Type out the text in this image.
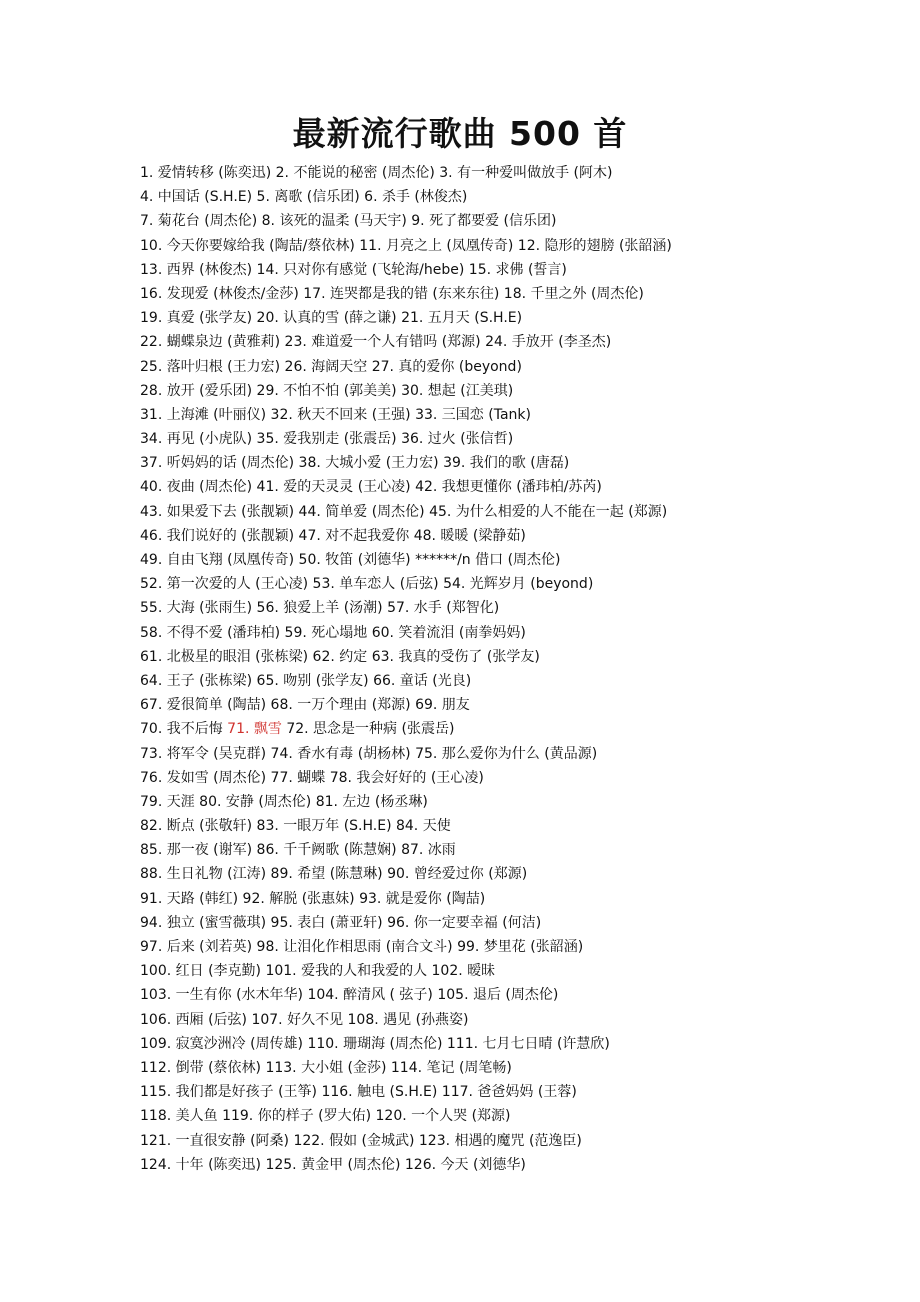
最新流行歌曲 500 首
1. 爱情转移 (陈奕迅) 2. 不能说的秘密 (周杰伦) 3. 有一种爱叫做放手 (阿木)
4. 中国话 (S.H.E) 5. 离歌 (信乐团) 6. 杀手 (林俊杰)
7. 菊花台 (周杰伦) 8. 该死的温柔 (马天宇) 9. 死了都要爱 (信乐团)
10. 今天你要嫁给我 (陶喆/蔡依林) 11. 月亮之上 (凤凰传奇) 12. 隐形的翅膀 (张韶涵)
13. 西界 (林俊杰) 14. 只对你有感觉 (飞轮海/hebe) 15. 求佛 (誓言)
16. 发现爱 (林俊杰/金莎) 17. 连哭都是我的错 (东来东往) 18. 千里之外 (周杰伦)
19. 真爱 (张学友) 20. 认真的雪 (薛之谦) 21. 五月天 (S.H.E)
22. 蝴蝶泉边 (黄雅莉) 23. 难道爱一个人有错吗 (郑源) 24. 手放开 (李圣杰)
25. 落叶归根 (王力宏) 26. 海阔天空 27. 真的爱你 (beyond)
28. 放开 (爱乐团) 29. 不怕不怕 (郭美美) 30. 想起 (江美琪)
31. 上海滩 (叶丽仪) 32. 秋天不回来 (王强) 33. 三国恋 (Tank)
34. 再见 (小虎队) 35. 爱我别走 (张震岳) 36. 过火 (张信哲)
37. 听妈妈的话 (周杰伦) 38. 大城小爱 (王力宏) 39. 我们的歌 (唐磊)
40. 夜曲 (周杰伦) 41. 爱的天灵灵 (王心凌) 42. 我想更懂你 (潘玮柏/苏芮)
43. 如果爱下去 (张靓颖) 44. 简单爱 (周杰伦) 45. 为什么相爱的人不能在一起 (郑源)
46. 我们说好的 (张靓颖) 47. 对不起我爱你 48. 暖暖 (梁静茹)
49. 自由飞翔 (凤凰传奇) 50. 牧笛 (刘德华) ******/n 借口 (周杰伦)
52. 第一次爱的人 (王心凌) 53. 单车恋人 (后弦) 54. 光辉岁月 (beyond)
55. 大海 (张雨生) 56. 狼爱上羊 (汤潮) 57. 水手 (郑智化)
58. 不得不爱 (潘玮柏) 59. 死心塌地 60. 笑着流泪 (南拳妈妈)
61. 北极星的眼泪 (张栋梁) 62. 约定 63. 我真的受伤了 (张学友)
64. 王子 (张栋梁) 65. 吻别 (张学友) 66. 童话 (光良)
67. 爱很简单 (陶喆) 68. 一万个理由 (郑源) 69. 朋友
70. 我不后悔 71. 飘雪 72. 思念是一种病 (张震岳)
73. 将军令 (吴克群) 74. 香水有毒 (胡杨林) 75. 那么爱你为什么 (黄品源)
76. 发如雪 (周杰伦) 77. 蝴蝶 78. 我会好好的 (王心凌)
79. 天涯 80. 安静 (周杰伦) 81. 左边 (杨丞琳)
82. 断点 (张敬轩) 83. 一眼万年 (S.H.E) 84. 天使
85. 那一夜 (谢军) 86. 千千阙歌 (陈慧娴) 87. 冰雨
88. 生日礼物 (江涛) 89. 希望 (陈慧琳) 90. 曾经爱过你 (郑源)
91. 天路 (韩红) 92. 解脱 (张惠妹) 93. 就是爱你 (陶喆)
94. 独立 (蜜雪薇琪) 95. 表白 (萧亚轩) 96. 你一定要幸福 (何洁)
97. 后来 (刘若英) 98. 让泪化作相思雨 (南合文斗) 99. 梦里花 (张韶涵)
100. 红日 (李克勤) 101. 爱我的人和我爱的人 102. 暧昧
103. 一生有你 (水木年华) 104. 醉清风 ( 弦子) 105. 退后 (周杰伦)
106. 西厢 (后弦) 107. 好久不见 108. 遇见 (孙燕姿)
109. 寂寞沙洲冷 (周传雄) 110. 珊瑚海 (周杰伦) 111. 七月七日晴 (许慧欣)
112. 倒带 (蔡依林) 113. 大小姐 (金莎) 114. 笔记 (周笔畅)
115. 我们都是好孩子 (王筝) 116. 触电 (S.H.E) 117. 爸爸妈妈 (王蓉)
118. 美人鱼 119. 你的样子 (罗大佑) 120. 一个人哭 (郑源)
121. 一直很安静 (阿桑) 122. 假如 (金城武) 123. 相遇的魔咒 (范逸臣)
124. 十年 (陈奕迅) 125. 黄金甲 (周杰伦) 126. 今天 (刘德华)
